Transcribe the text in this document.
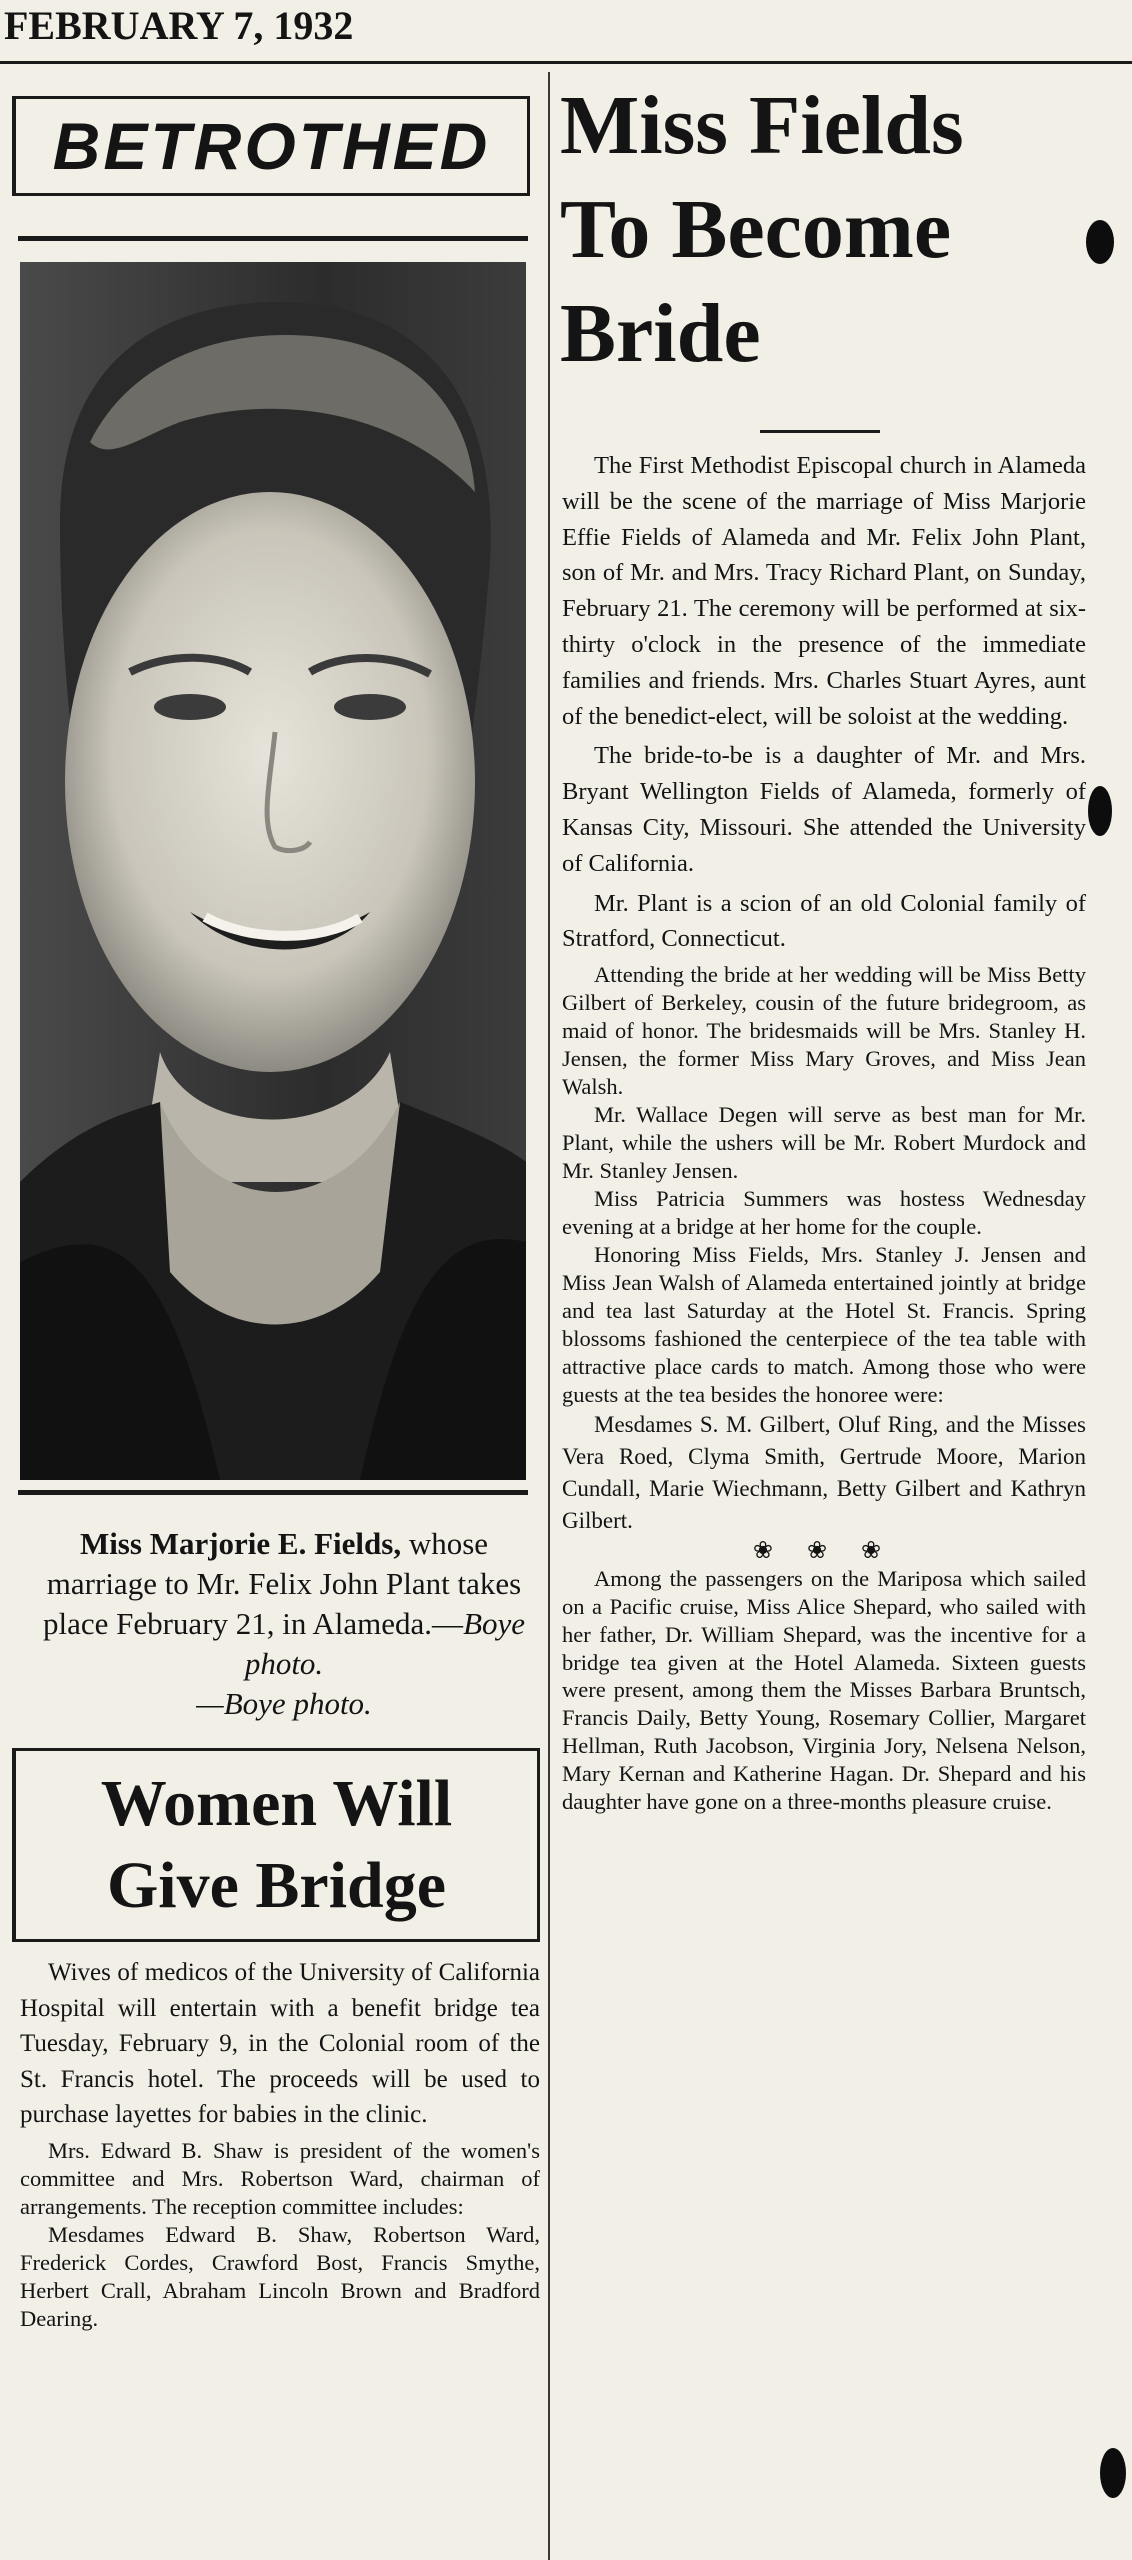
FEBRUARY 7, 1932
BETROTHED
Miss Marjorie E. Fields, whose marriage to Mr. Felix John Plant takes place February 21, in Alameda.—Boye photo.
—Boye photo.
Women Will
Give Bridge

Wives of medicos of the University of California Hospital will entertain with a benefit bridge tea Tuesday, February 9, in the Colonial room of the St. Francis hotel. The proceeds will be used to purchase layettes for babies in the clinic.

Mrs. Edward B. Shaw is president of the women's committee and Mrs. Robertson Ward, chairman of arrangements. The reception committee includes:

Mesdames Edward B. Shaw, Robertson Ward, Frederick Cordes, Crawford Bost, Francis Smythe, Herbert Crall, Abraham Lincoln Brown and Bradford Dearing.

Miss Fields
To Become
Bride

The First Methodist Episcopal church in Alameda will be the scene of the marriage of Miss Marjorie Effie Fields of Alameda and Mr. Felix John Plant, son of Mr. and Mrs. Tracy Richard Plant, on Sunday, February 21. The ceremony will be performed at six-thirty o'clock in the presence of the immediate families and friends. Mrs. Charles Stuart Ayres, aunt of the benedict-elect, will be soloist at the wedding.

The bride-to-be is a daughter of Mr. and Mrs. Bryant Wellington Fields of Alameda, formerly of Kansas City, Missouri. She attended the University of California.

Mr. Plant is a scion of an old Colonial family of Stratford, Connecticut.

Attending the bride at her wedding will be Miss Betty Gilbert of Berkeley, cousin of the future bridegroom, as maid of honor. The bridesmaids will be Mrs. Stanley H. Jensen, the former Miss Mary Groves, and Miss Jean Walsh.

Mr. Wallace Degen will serve as best man for Mr. Plant, while the ushers will be Mr. Robert Murdock and Mr. Stanley Jensen.

Miss Patricia Summers was hostess Wednesday evening at a bridge at her home for the couple.

Honoring Miss Fields, Mrs. Stanley J. Jensen and Miss Jean Walsh of Alameda entertained jointly at bridge and tea last Saturday at the Hotel St. Francis. Spring blossoms fashioned the centerpiece of the tea table with attractive place cards to match. Among those who were guests at the tea besides the honoree were:

Mesdames S. M. Gilbert, Oluf Ring, and the Misses Vera Roed, Clyma Smith, Gertrude Moore, Marion Cundall, Marie Wiechmann, Betty Gilbert and Kathryn Gilbert.

❀ ❀ ❀

Among the passengers on the Mariposa which sailed on a Pacific cruise, Miss Alice Shepard, who sailed with her father, Dr. William Shepard, was the incentive for a bridge tea given at the Hotel Alameda. Sixteen guests were present, among them the Misses Barbara Bruntsch, Francis Daily, Betty Young, Rosemary Collier, Margaret Hellman, Ruth Jacobson, Virginia Jory, Nelsena Nelson, Mary Kernan and Katherine Hagan. Dr. Shepard and his daughter have gone on a three-months pleasure cruise.
